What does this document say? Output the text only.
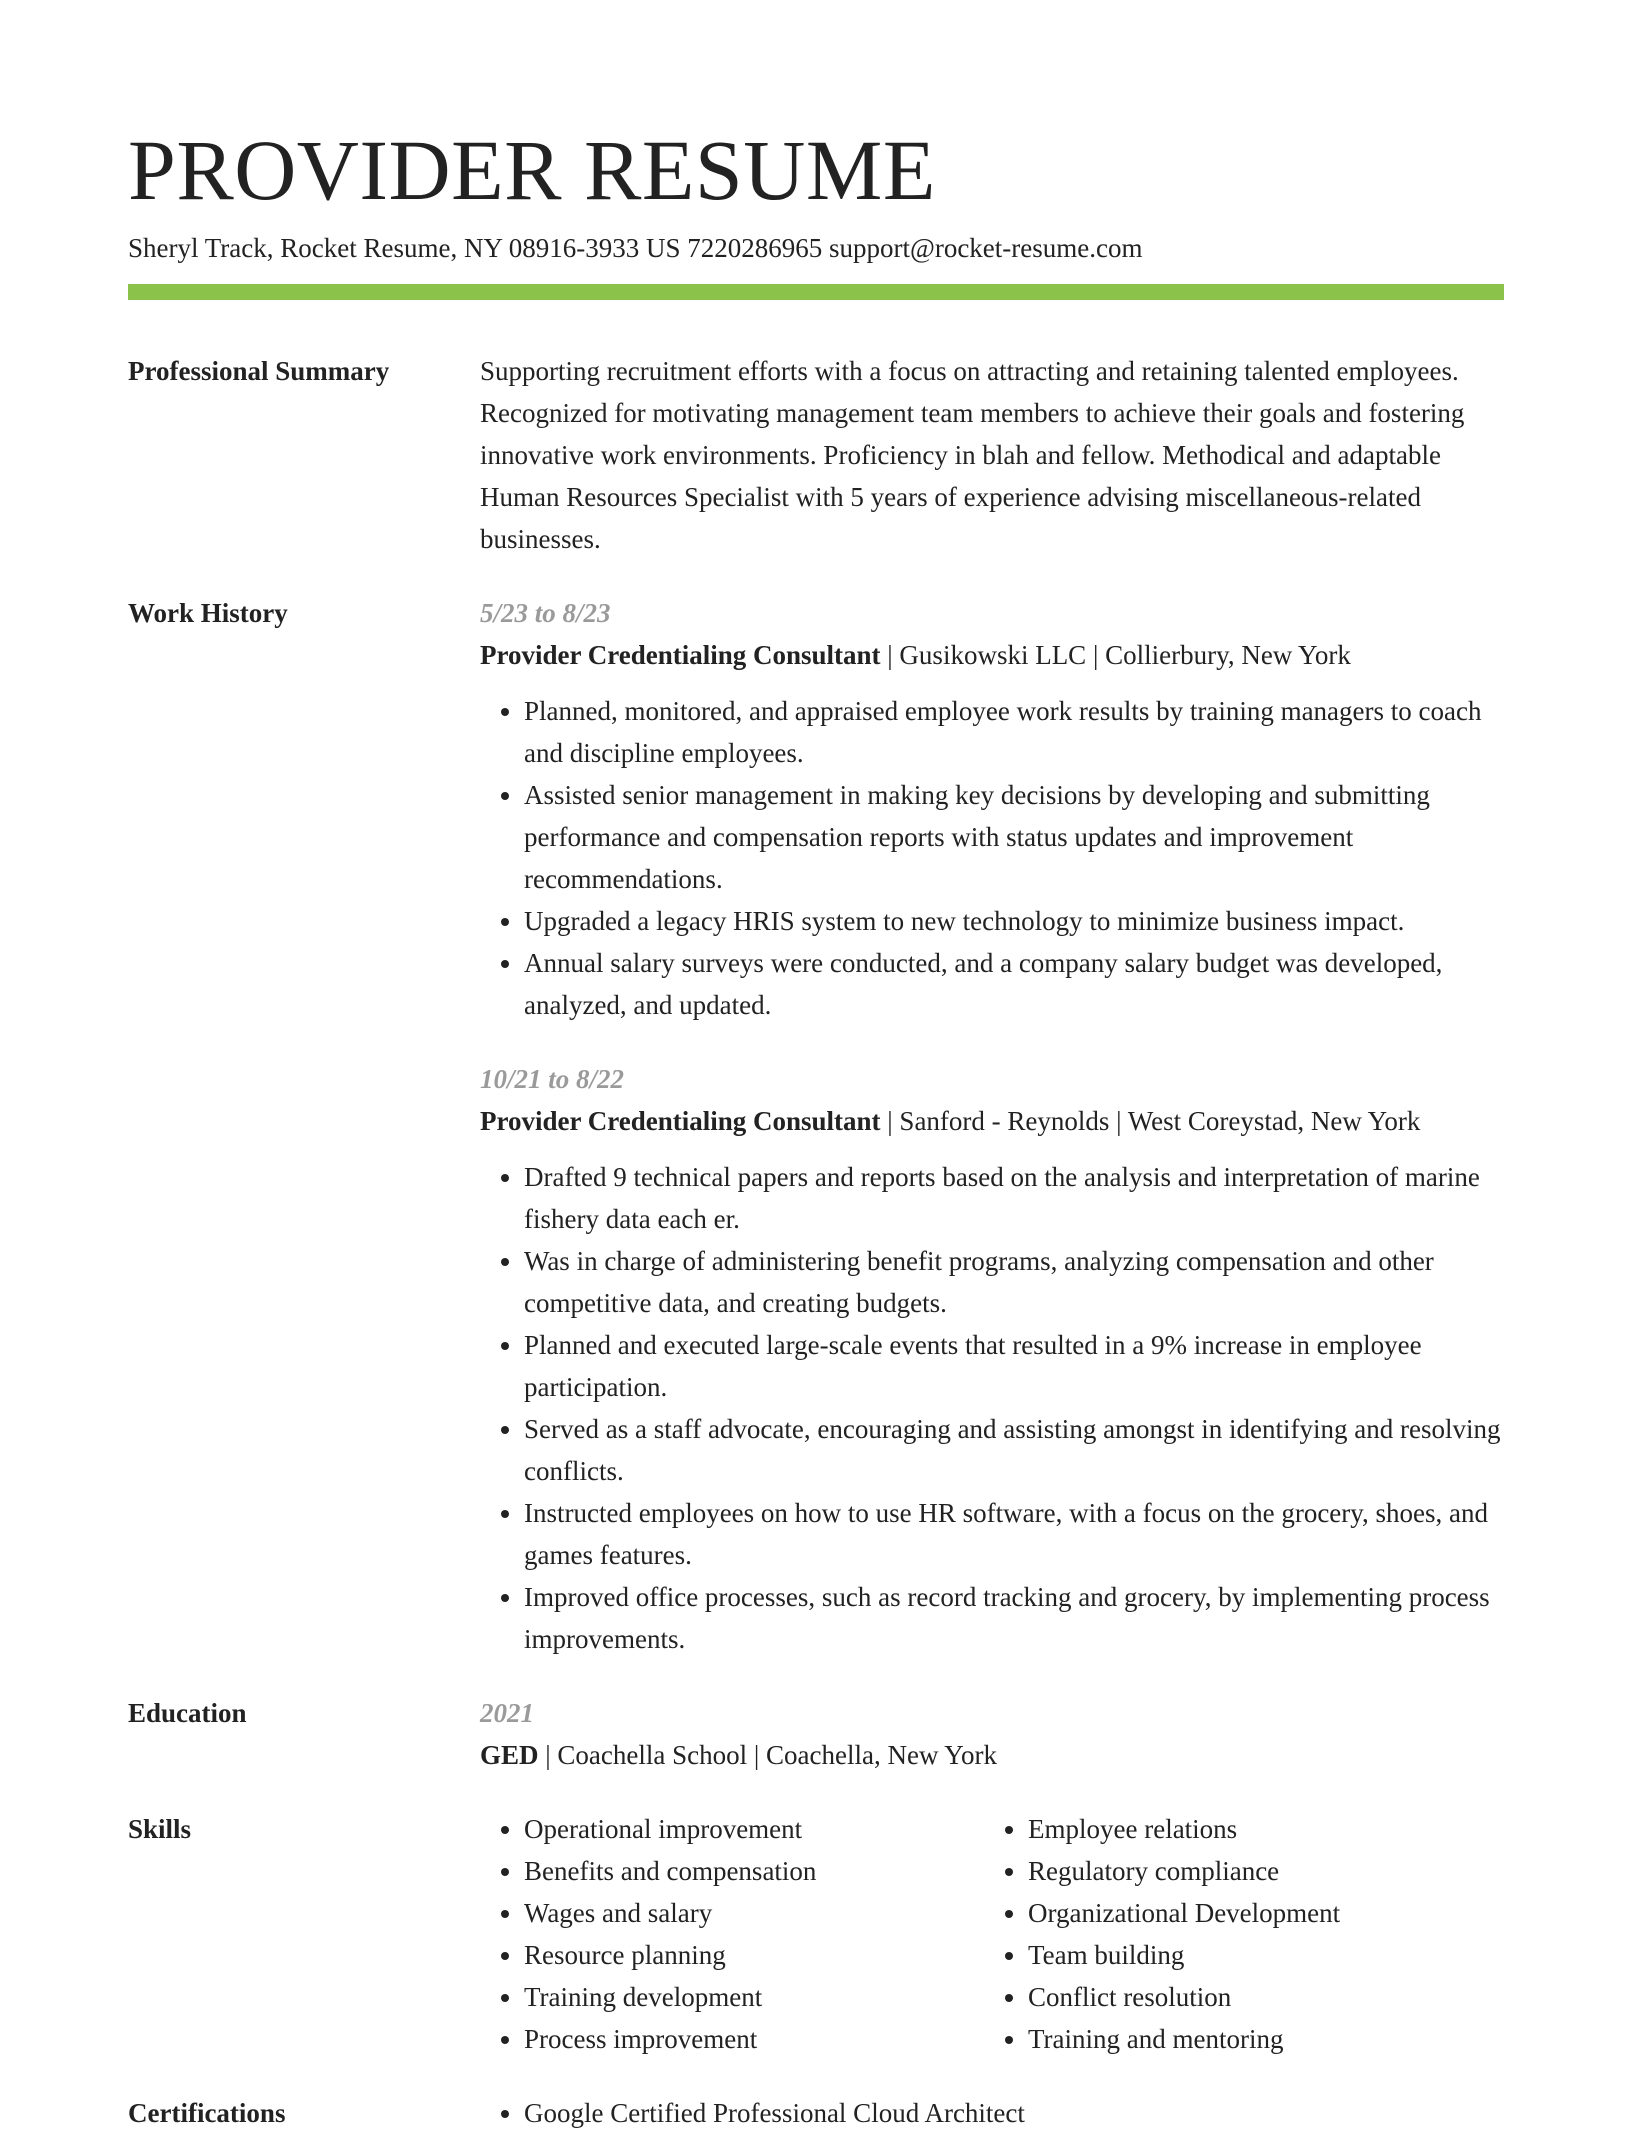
PROVIDER RESUME
Sheryl Track, Rocket Resume, NY 08916-3933 US 7220286965 support@rocket-resume.com
Professional Summary	Supporting recruitment efforts with a focus on attracting and retaining talented employees. Recognized for motivating management team members to achieve their goals and fostering innovative work environments. Proficiency in blah and fellow. Methodical and adaptable Human Resources Specialist with 5 years of experience advising miscellaneous-related businesses.
Work History	5/23 to 8/23
Provider Credentialing Consultant | Gusikowski LLC | Collierbury, New York
• Planned, monitored, and appraised employee work results by training managers to coach and discipline employees.
• Assisted senior management in making key decisions by developing and submitting performance and compensation reports with status updates and improvement recommendations.
• Upgraded a legacy HRIS system to new technology to minimize business impact.
• Annual salary surveys were conducted, and a company salary budget was developed, analyzed, and updated.
10/21 to 8/22
Provider Credentialing Consultant | Sanford - Reynolds | West Coreystad, New York
• Drafted 9 technical papers and reports based on the analysis and interpretation of marine fishery data each er.
• Was in charge of administering benefit programs, analyzing compensation and other competitive data, and creating budgets.
• Planned and executed large-scale events that resulted in a 9% increase in employee participation.
• Served as a staff advocate, encouraging and assisting amongst in identifying and resolving conflicts.
• Instructed employees on how to use HR software, with a focus on the grocery, shoes, and games features.
• Improved office processes, such as record tracking and grocery, by implementing process improvements.
Education	2021
GED | Coachella School | Coachella, New York
Skills	• Operational improvement
• Benefits and compensation
• Wages and salary
• Resource planning
• Training development
• Process improvement
• Employee relations
• Regulatory compliance
• Organizational Development
• Team building
• Conflict resolution
• Training and mentoring
Certifications	• Google Certified Professional Cloud Architect
